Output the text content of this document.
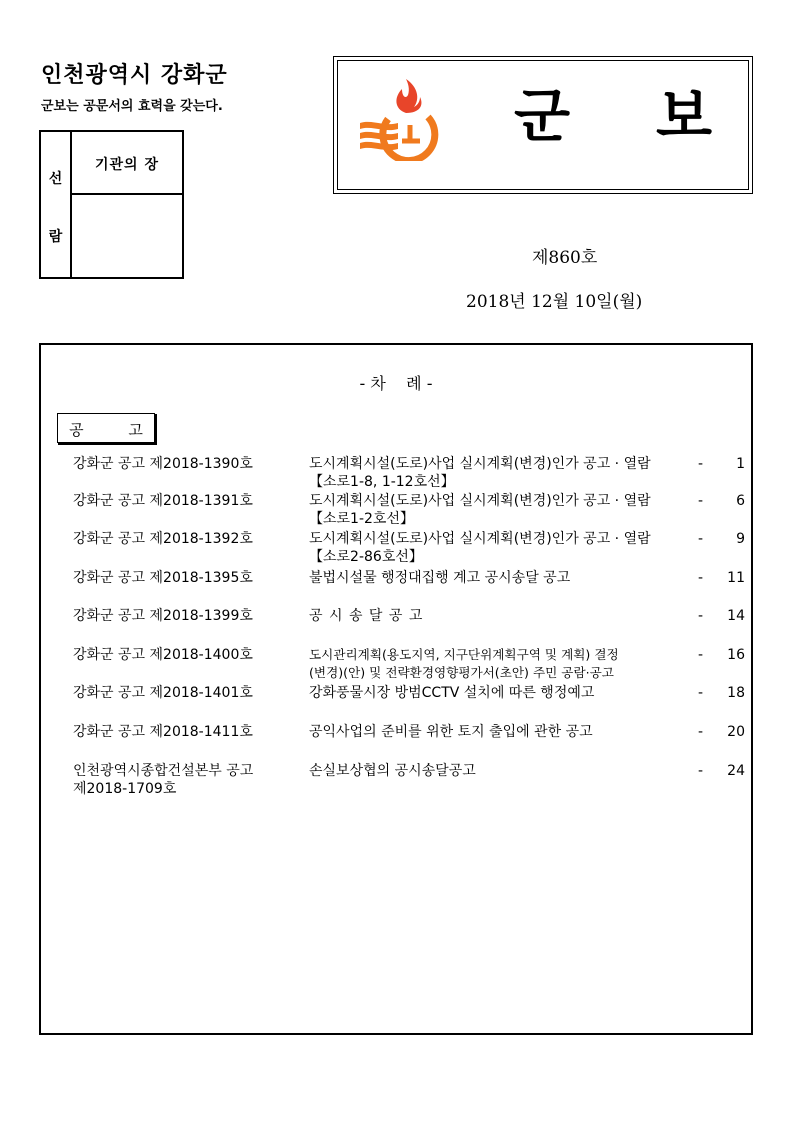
인천광역시 강화군
군보는 공문서의 효력을 갖는다.
선
람
기관의 장
군 보
제860호
2018년 12월 10일(월)
- 차    례 -
공 고
강화군 공고 제2018-1390호	도시계획시설(도로)사업 실시계획(변경)인가 공고 · 열람
【소로1-8, 1-12호선】
-	1
강화군 공고 제2018-1391호	도시계획시설(도로)사업 실시계획(변경)인가 공고 · 열람
【소로1-2호선】
-	6
강화군 공고 제2018-1392호	도시계획시설(도로)사업 실시계획(변경)인가 공고 · 열람
【소로2-86호선】
-	9
강화군 공고 제2018-1395호	불법시설물 행정대집행 계고 공시송달 공고	-	11
강화군 공고 제2018-1399호	공 시 송 달 공 고	-	14
강화군 공고 제2018-1400호	도시관리계획(용도지역, 지구단위계획구역 및 계획) 결정
(변경)(안) 및 전략환경영향평가서(초안) 주민 공람·공고
-	16
강화군 공고 제2018-1401호	강화풍물시장 방범CCTV 설치에 따른 행정예고	-	18
강화군 공고 제2018-1411호	공익사업의 준비를 위한 토지 출입에 관한 공고	-	20
인천광역시종합건설본부 공고
제2018-1709호
손실보상협의 공시송달공고	-	24
